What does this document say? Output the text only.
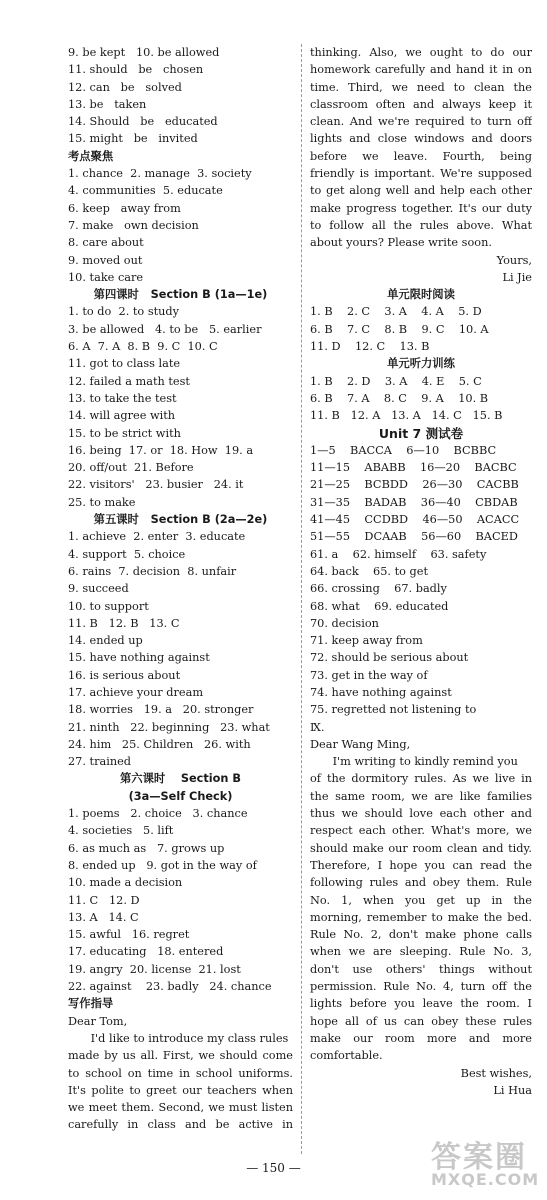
9. be kept   10. be allowed
11. should   be   chosen
12. can   be   solved
13. be   taken
14. Should   be   educated
15. might   be   invited
考点聚焦
1. chance  2. manage  3. society
4. communities  5. educate
6. keep   away from
7. make   own decision
8. care about
9. moved out
10. take care
第四课时   Section B (1a—1e)
1. to do  2. to study
3. be allowed   4. to be   5. earlier
6. A  7. A  8. B  9. C  10. C
11. got to class late
12. failed a math test
13. to take the test
14. will agree with
15. to be strict with
16. being  17. or  18. How  19. a
20. off/out  21. Before
22. visitors'   23. busier   24. it
25. to make
第五课时   Section B (2a—2e)
1. achieve  2. enter  3. educate
4. support  5. choice
6. rains  7. decision  8. unfair
9. succeed
10. to support
11. B   12. B   13. C
14. ended up
15. have nothing against
16. is serious about
17. achieve your dream
18. worries   19. a   20. stronger
21. ninth   22. beginning   23. what
24. him   25. Children   26. with
27. trained
第六课时    Section B
(3a—Self Check)
1. poems   2. choice   3. chance
4. societies   5. lift
6. as much as   7. grows up
8. ended up   9. got in the way of
10. made a decision
11. C   12. D
13. A   14. C
15. awful   16. regret
17. educating   18. entered
19. angry  20. license  21. lost
22. against    23. badly   24. chance
写作指导
Dear Tom,
I'd like to introduce my class rules
made by us all. First, we should come
to school on time in school uniforms.
It's polite to greet our teachers when
we meet them. Second, we must listen
carefully in class and be active in
thinking. Also, we ought to do our
homework carefully and hand it in on
time. Third, we need to clean the
classroom often and always keep it
clean. And we're required to turn off
lights and close windows and doors
before we leave. Fourth, being
friendly is important. We're supposed
to get along well and help each other
make progress together. It's our duty
to follow all the rules above. What
about yours? Please write soon.
Yours,
Li Jie
单元限时阅读
1. B    2. C    3. A    4. A    5. D
6. B    7. C    8. B    9. C    10. A
11. D    12. C    13. B
单元听力训练
1. B    2. D    3. A    4. E    5. C
6. B    7. A    8. C    9. A    10. B
11. B   12. A   13. A   14. C   15. B
Unit 7 测试卷
1—5    BACCA    6—10    BCBBC
11—15    ABABB    16—20    BACBC
21—25    BCBDD    26—30    CACBB
31—35    BADAB    36—40    CBDAB
41—45    CCDBD    46—50    ACACC
51—55    DCAAB    56—60    BACED
61. a    62. himself    63. safety
64. back    65. to get
66. crossing    67. badly
68. what    69. educated
70. decision
71. keep away from
72. should be serious about
73. get in the way of
74. have nothing against
75. regretted not listening to
Ⅸ.
Dear Wang Ming,
I'm writing to kindly remind you
of the dormitory rules. As we live in
the same room, we are like families
thus we should love each other and
respect each other. What's more, we
should make our room clean and tidy.
Therefore, I hope you can read the
following rules and obey them. Rule
No. 1, when you get up in the
morning, remember to make the bed.
Rule No. 2, don't make phone calls
when we are sleeping. Rule No. 3,
don't use others' things without
permission. Rule No. 4, turn off the
lights before you leave the room. I
hope all of us can obey these rules
make our room more and more
comfortable.
Best wishes,
Li Hua
— 150 —	答案圈
MXQE.COM
